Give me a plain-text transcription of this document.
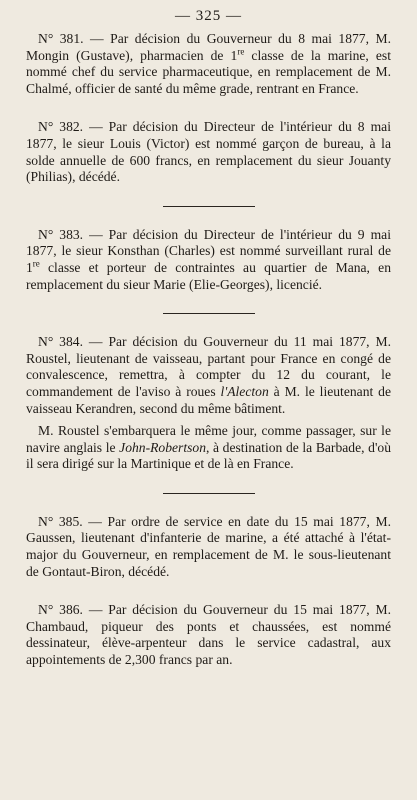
— 325 —

N° 381. — Par décision du Gouverneur du 8 mai 1877, M. Mongin (Gustave), pharmacien de 1re classe de la marine, est nommé chef du service pharmaceutique, en remplacement de M. Chalmé, officier de santé du même grade, rentrant en France.

N° 382. — Par décision du Directeur de l'intérieur du 8 mai 1877, le sieur Louis (Victor) est nommé garçon de bureau, à la solde annuelle de 600 francs, en remplacement du sieur Jouanty (Philias), décédé.

N° 383. — Par décision du Directeur de l'intérieur du 9 mai 1877, le sieur Konsthan (Charles) est nommé surveillant rural de 1re classe et porteur de contraintes au quartier de Mana, en remplacement du sieur Marie (Elie-Georges), licencié.

N° 384. — Par décision du Gouverneur du 11 mai 1877, M. Roustel, lieutenant de vaisseau, partant pour France en congé de convalescence, remettra, à compter du 12 du courant, le commandement de l'aviso à roues l'Alecton à M. le lieutenant de vaisseau Kerandren, second du même bâtiment.

M. Roustel s'embarquera le même jour, comme passager, sur le navire anglais le John-Robertson, à destination de la Barbade, d'où il sera dirigé sur la Martinique et de là en France.

N° 385. — Par ordre de service en date du 15 mai 1877, M. Gaussen, lieutenant d'infanterie de marine, a été attaché à l'état-major du Gouverneur, en remplacement de M. le sous-lieutenant de Gontaut-Biron, décédé.

N° 386. — Par décision du Gouverneur du 15 mai 1877, M. Chambaud, piqueur des ponts et chaussées, est nommé dessinateur, élève-arpenteur dans le service cadastral, aux appointements de 2,300 francs par an.
